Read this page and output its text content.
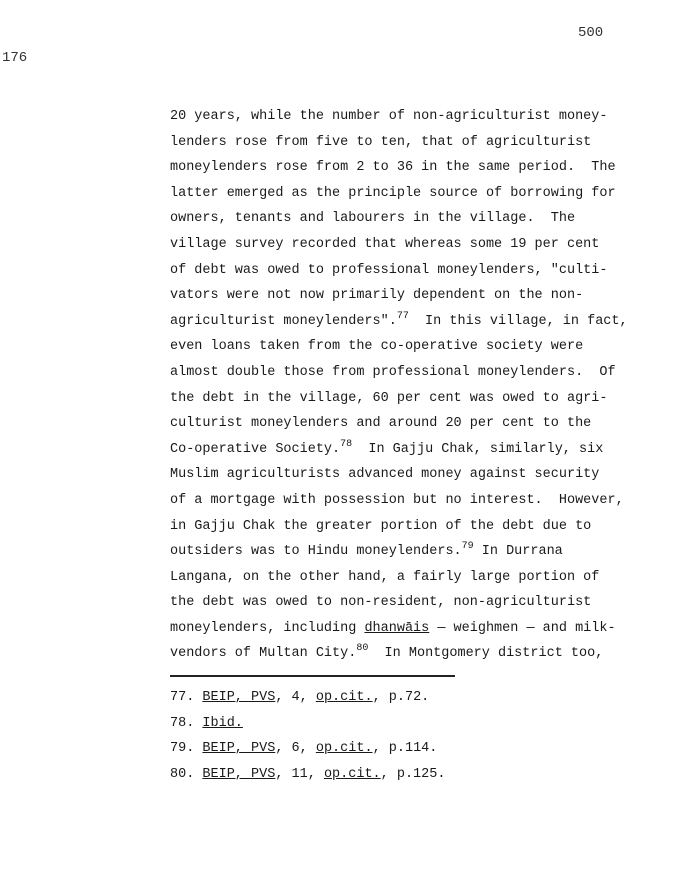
500
176
20 years, while the number of non-agriculturist money-
lenders rose from five to ten, that of agriculturist
moneylenders rose from 2 to 36 in the same period.  The
latter emerged as the principle source of borrowing for
owners, tenants and labourers in the village.  The
village survey recorded that whereas some 19 per cent
of debt was owed to professional moneylenders, "culti-
vators were not now primarily dependent on the non-
agriculturist moneylenders".$^{77}$  In this village, in fact,
even loans taken from the co-operative society were
almost double those from professional moneylenders.  Of
the debt in the village, 60 per cent was owed to agri-
culturist moneylenders and around 20 per cent to the
Co-operative Society.$^{78}$  In Gajju Chak, similarly, six
Muslim agriculturists advanced money against security
of a mortgage with possession but no interest.  However,
in Gajju Chak the greater portion of the debt due to
outsiders was to Hindu moneylenders.$^{79}$ In Durrana
Langana, on the other hand, a fairly large portion of
the debt was owed to non-resident, non-agriculturist
moneylenders, including dhanwāis — weighmen — and milk-
vendors of Multan City.$^{80}$  In Montgomery district too,
77. BEIP, PVS, 4, op.cit., p.72.
78. Ibid.
79. BEIP, PVS, 6, op.cit., p.114.
80. BEIP, PVS, 11, op.cit., p.125.
